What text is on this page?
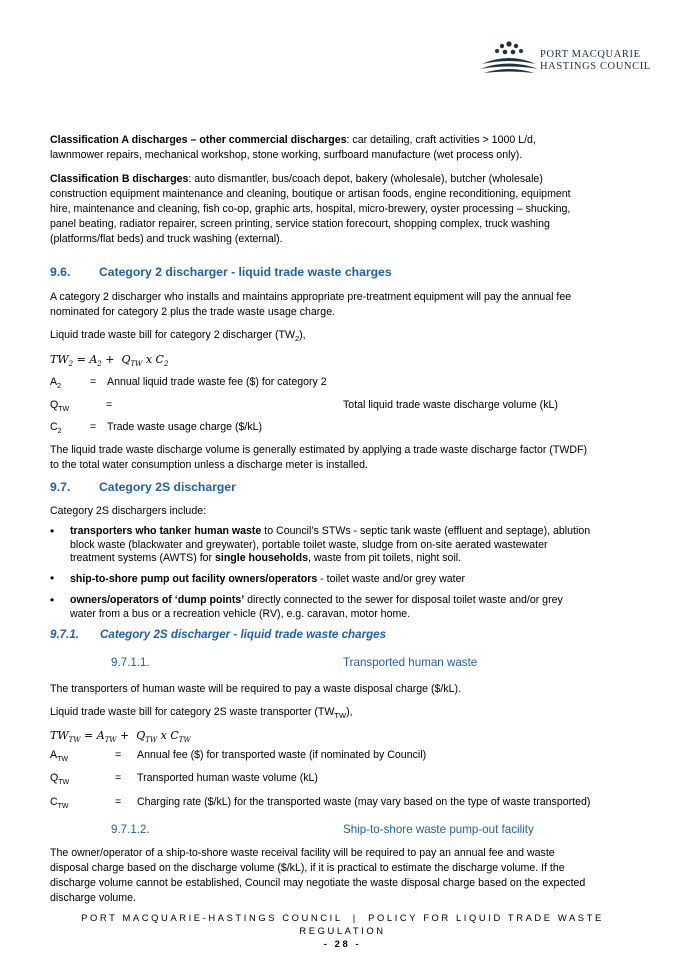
PORT MACQUARIE
HASTINGS COUNCIL
Classification A discharges – other commercial discharges: car detailing, craft activities > 1000 L/d,
lawnmower repairs, mechanical workshop, stone working, surfboard manufacture (wet process only).
Classification B discharges: auto dismantler, bus/coach depot, bakery (wholesale), butcher (wholesale)
construction equipment maintenance and cleaning, boutique or artisan foods, engine reconditioning, equipment
hire, maintenance and cleaning, fish co-op, graphic arts, hospital, micro-brewery, oyster processing – shucking,
panel beating, radiator repairer, screen printing, service station forecourt, shopping complex, truck washing
(platforms/flat beds) and truck washing (external).
9.6. Category 2 discharger - liquid trade waste charges
A category 2 discharger who installs and maintains appropriate pre-treatment equipment will pay the annual fee
nominated for category 2 plus the trade waste usage charge.
Liquid trade waste bill for category 2 discharger $(TW_2)$,
$TW_2 = A_2 + Q_{TW}$ x $C_2$
$A_2$	= Annual liquid trade waste fee ($) for category 2
$Q_{TW}$	=	Total liquid trade waste discharge volume (kL)
$C_2$	= Trade waste usage charge ($/kL)
The liquid trade waste discharge volume is generally estimated by applying a trade waste discharge factor (TWDF)
to the total water consumption unless a discharge meter is installed.
9.7. Category 2S discharger
Category 2S dischargers include:
• transporters who tanker human waste to Council’s STWs - septic tank waste (effluent and septage), ablution
block waste (blackwater and greywater), portable toilet waste, sludge from on-site aerated wastewater
treatment systems (AWTS) for single households, waste from pit toilets, night soil.
• ship-to-shore pump out facility owners/operators - toilet waste and/or grey water
• owners/operators of ‘dump points’ directly connected to the sewer for disposal toilet waste and/or grey
water from a bus or a recreation vehicle (RV), e.g. caravan, motor home.
9.7.1. Category 2S discharger - liquid trade waste charges
9.7.1.1.	Transported human waste
The transporters of human waste will be required to pay a waste disposal charge ($/kL).
Liquid trade waste bill for category 2S waste transporter $(TW_{TW})$,
$TW_{TW} = A_{TW} + Q_{TW}$ x $C_{TW}$
$A_{TW}$	= Annual fee ($) for transported waste (if nominated by Council)
$Q_{TW}$	= Transported human waste volume (kL)
$C_{TW}$	= Charging rate ($/kL) for the transported waste (may vary based on the type of waste transported)
9.7.1.2.	Ship-to-shore waste pump-out facility
The owner/operator of a ship-to-shore waste receival facility will be required to pay an annual fee and waste
disposal charge based on the discharge volume ($/kL), if it is practical to estimate the discharge volume. If the
discharge volume cannot be established, Council may negotiate the waste disposal charge based on the expected
discharge volume.
PORT MACQUARIE-HASTINGS COUNCIL  |  POLICY FOR LIQUID TRADE WASTE
REGULATION
- 28 -
